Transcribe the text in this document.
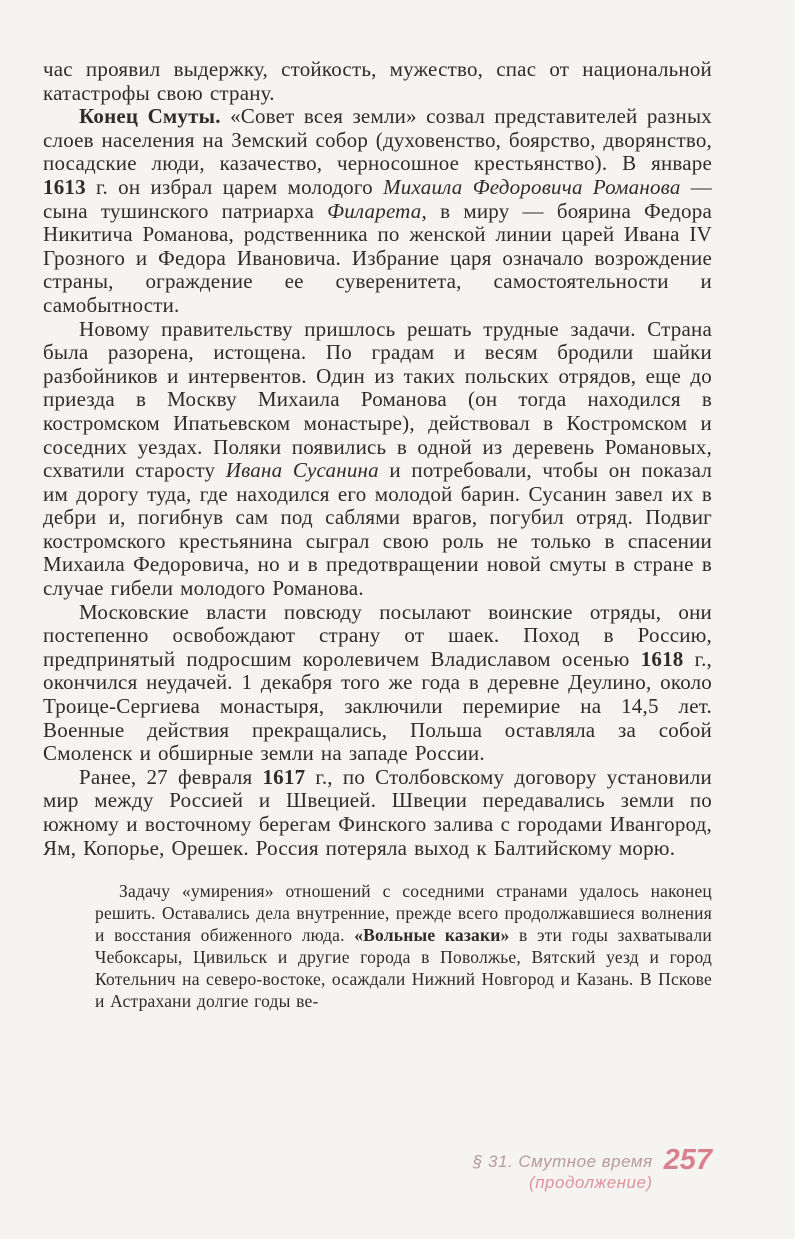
час проявил выдержку, стойкость, мужество, спас от национальной катастрофы свою страну.

Конец Смуты. «Совет всея земли» созвал представителей разных слоев населения на Земский собор (духовенство, боярство, дворянство, посадские люди, казачество, черносошное крестьянство). В январе 1613 г. он избрал царем молодого Михаила Федоровича Романова — сына тушинского патриарха Филарета, в миру — боярина Федора Никитича Романова, родственника по женской линии царей Ивана IV Грозного и Федора Ивановича. Избрание царя означало возрождение страны, ограждение ее суверенитета, самостоятельности и самобытности.

Новому правительству пришлось решать трудные задачи. Страна была разорена, истощена. По градам и весям бродили шайки разбойников и интервентов. Один из таких польских отрядов, еще до приезда в Москву Михаила Романова (он тогда находился в костромском Ипатьевском монастыре), действовал в Костромском и соседних уездах. Поляки появились в одной из деревень Романовых, схватили старосту Ивана Сусанина и потребовали, чтобы он показал им дорогу туда, где находился его молодой барин. Сусанин завел их в дебри и, погибнув сам под саблями врагов, погубил отряд. Подвиг костромского крестьянина сыграл свою роль не только в спасении Михаила Федоровича, но и в предотвращении новой смуты в стране в случае гибели молодого Романова.

Московские власти повсюду посылают воинские отряды, они постепенно освобождают страну от шаек. Поход в Россию, предпринятый подросшим королевичем Владиславом осенью 1618 г., окончился неудачей. 1 декабря того же года в деревне Деулино, около Троице-Сергиева монастыря, заключили перемирие на 14,5 лет. Военные действия прекращались, Польша оставляла за собой Смоленск и обширные земли на западе России.

Ранее, 27 февраля 1617 г., по Столбовскому договору установили мир между Россией и Швецией. Швеции передавались земли по южному и восточному берегам Финского залива с городами Ивангород, Ям, Копорье, Орешек. Россия потеряла выход к Балтийскому морю.

Задачу «умирения» отношений с соседними странами удалось наконец решить. Оставались дела внутренние, прежде всего продолжавшиеся волнения и восстания обиженного люда. «Вольные казаки» в эти годы захватывали Чебоксары, Цивильск и другие города в Поволжье, Вятский уезд и город Котельнич на северо-востоке, осаждали Нижний Новгород и Казань. В Пскове и Астрахани долгие годы ве-

§ 31. Смутное время
(продолжение)
257
